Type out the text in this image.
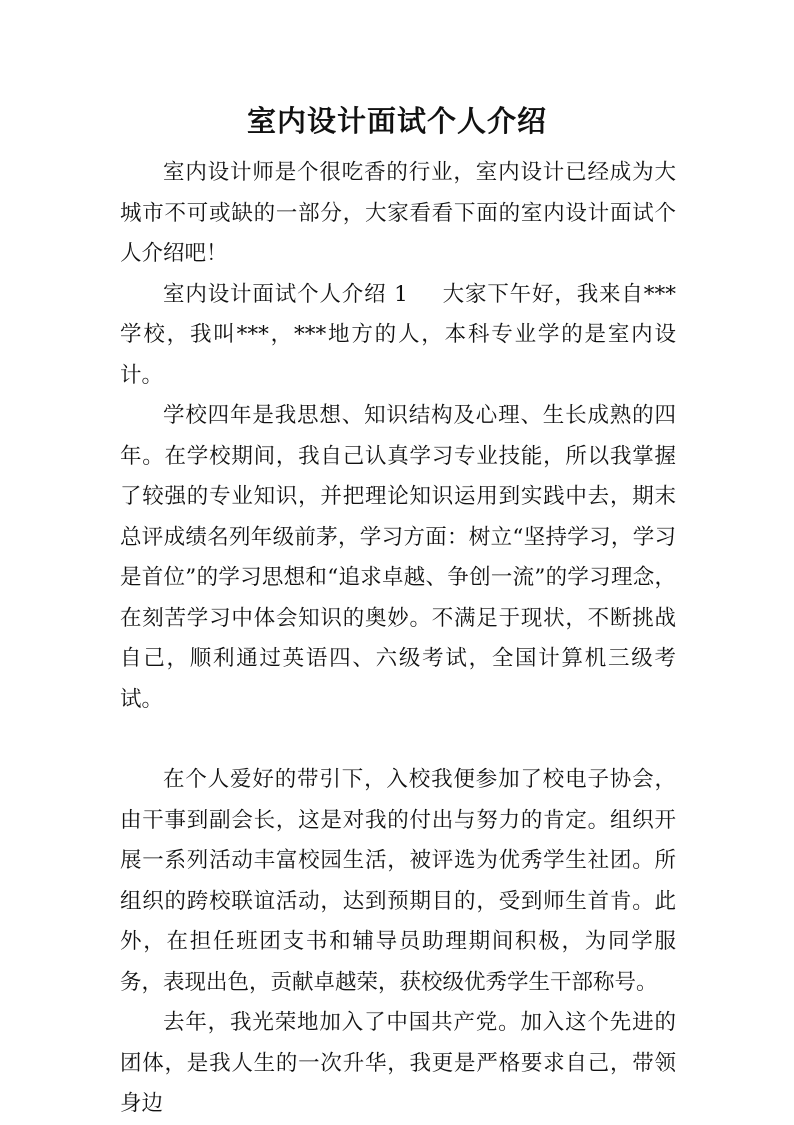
室内设计面试个人介绍

室内设计师是个很吃香的行业，室内设计已经成为大城市不可或缺的一部分，大家看看下面的室内设计面试个人介绍吧！

室内设计面试个人介绍 1 大家下午好，我来自***学校，我叫***，***地方的人，本科专业学的是室内设计。

学校四年是我思想、知识结构及心理、生长成熟的四年。在学校期间，我自己认真学习专业技能，所以我掌握了较强的专业知识，并把理论知识运用到实践中去，期末总评成绩名列年级前茅，学习方面：树立“坚持学习，学习是首位”的学习思想和“追求卓越、争创一流”的学习理念，在刻苦学习中体会知识的奥妙。不满足于现状，不断挑战自己，顺利通过英语四、六级考试，全国计算机三级考试。

在个人爱好的带引下，入校我便参加了校电子协会，由干事到副会长，这是对我的付出与努力的肯定。组织开展一系列活动丰富校园生活，被评选为优秀学生社团。所组织的跨校联谊活动，达到预期目的，受到师生首肯。此外，在担任班团支书和辅导员助理期间积极，为同学服务，表现出色，贡献卓越荣，获校级优秀学生干部称号。

去年，我光荣地加入了中国共产党。加入这个先进的团体，是我人生的一次升华，我更是严格要求自己，带领身边
